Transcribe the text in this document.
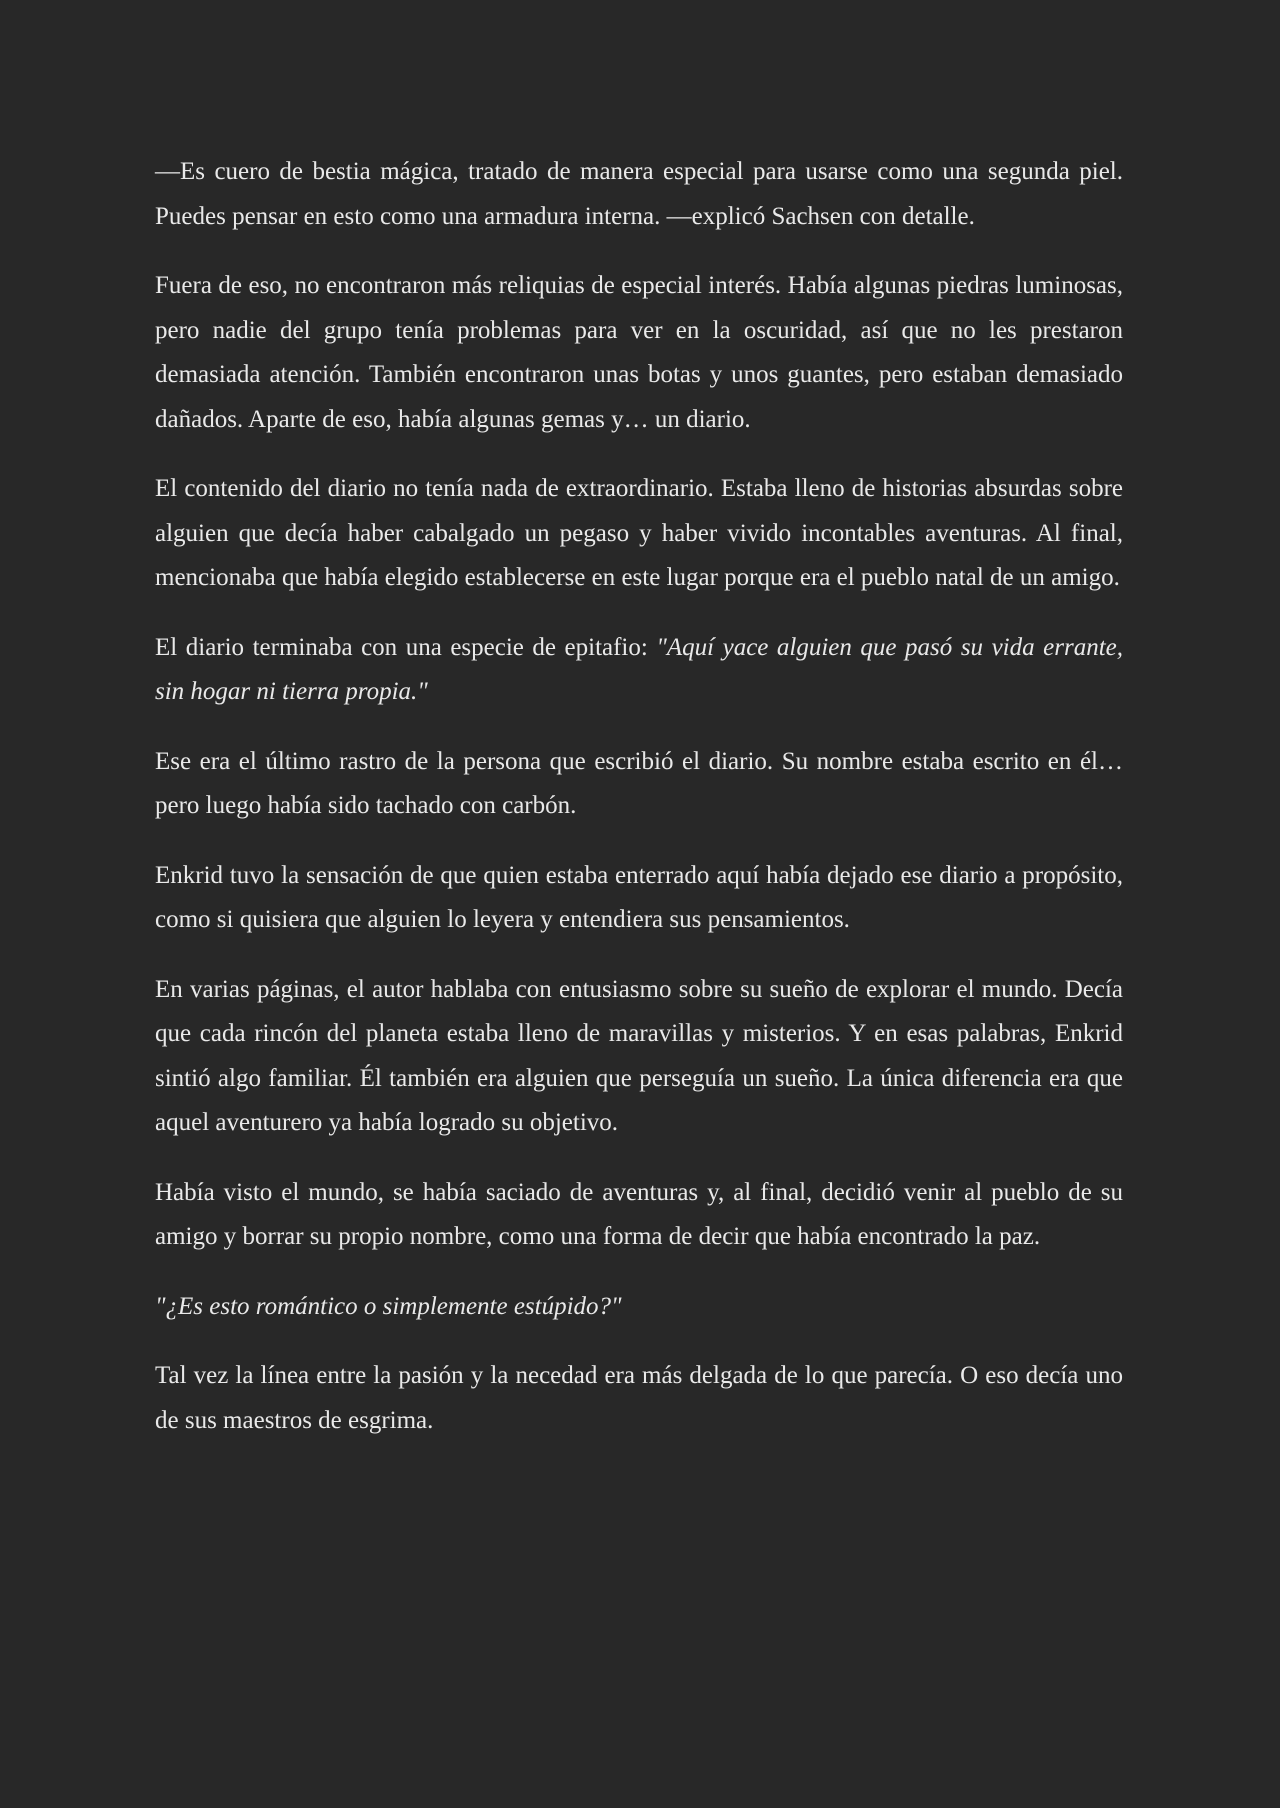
—Es cuero de bestia mágica, tratado de manera especial para usarse como una segunda piel. Puedes pensar en esto como una armadura interna. —explicó Sachsen con detalle.

Fuera de eso, no encontraron más reliquias de especial interés. Había algunas piedras luminosas, pero nadie del grupo tenía problemas para ver en la oscuridad, así que no les prestaron demasiada atención. También encontraron unas botas y unos guantes, pero estaban demasiado dañados. Aparte de eso, había algunas gemas y… un diario.

El contenido del diario no tenía nada de extraordinario. Estaba lleno de historias absurdas sobre alguien que decía haber cabalgado un pegaso y haber vivido incontables aventuras. Al final, mencionaba que había elegido establecerse en este lugar porque era el pueblo natal de un amigo.

El diario terminaba con una especie de epitafio: "Aquí yace alguien que pasó su vida errante, sin hogar ni tierra propia."

Ese era el último rastro de la persona que escribió el diario. Su nombre estaba escrito en él… pero luego había sido tachado con carbón.

Enkrid tuvo la sensación de que quien estaba enterrado aquí había dejado ese diario a propósito, como si quisiera que alguien lo leyera y entendiera sus pensamientos.

En varias páginas, el autor hablaba con entusiasmo sobre su sueño de explorar el mundo. Decía que cada rincón del planeta estaba lleno de maravillas y misterios. Y en esas palabras, Enkrid sintió algo familiar. Él también era alguien que perseguía un sueño. La única diferencia era que aquel aventurero ya había logrado su objetivo.

Había visto el mundo, se había saciado de aventuras y, al final, decidió venir al pueblo de su amigo y borrar su propio nombre, como una forma de decir que había encontrado la paz.

"¿Es esto romántico o simplemente estúpido?"

Tal vez la línea entre la pasión y la necedad era más delgada de lo que parecía. O eso decía uno de sus maestros de esgrima.
